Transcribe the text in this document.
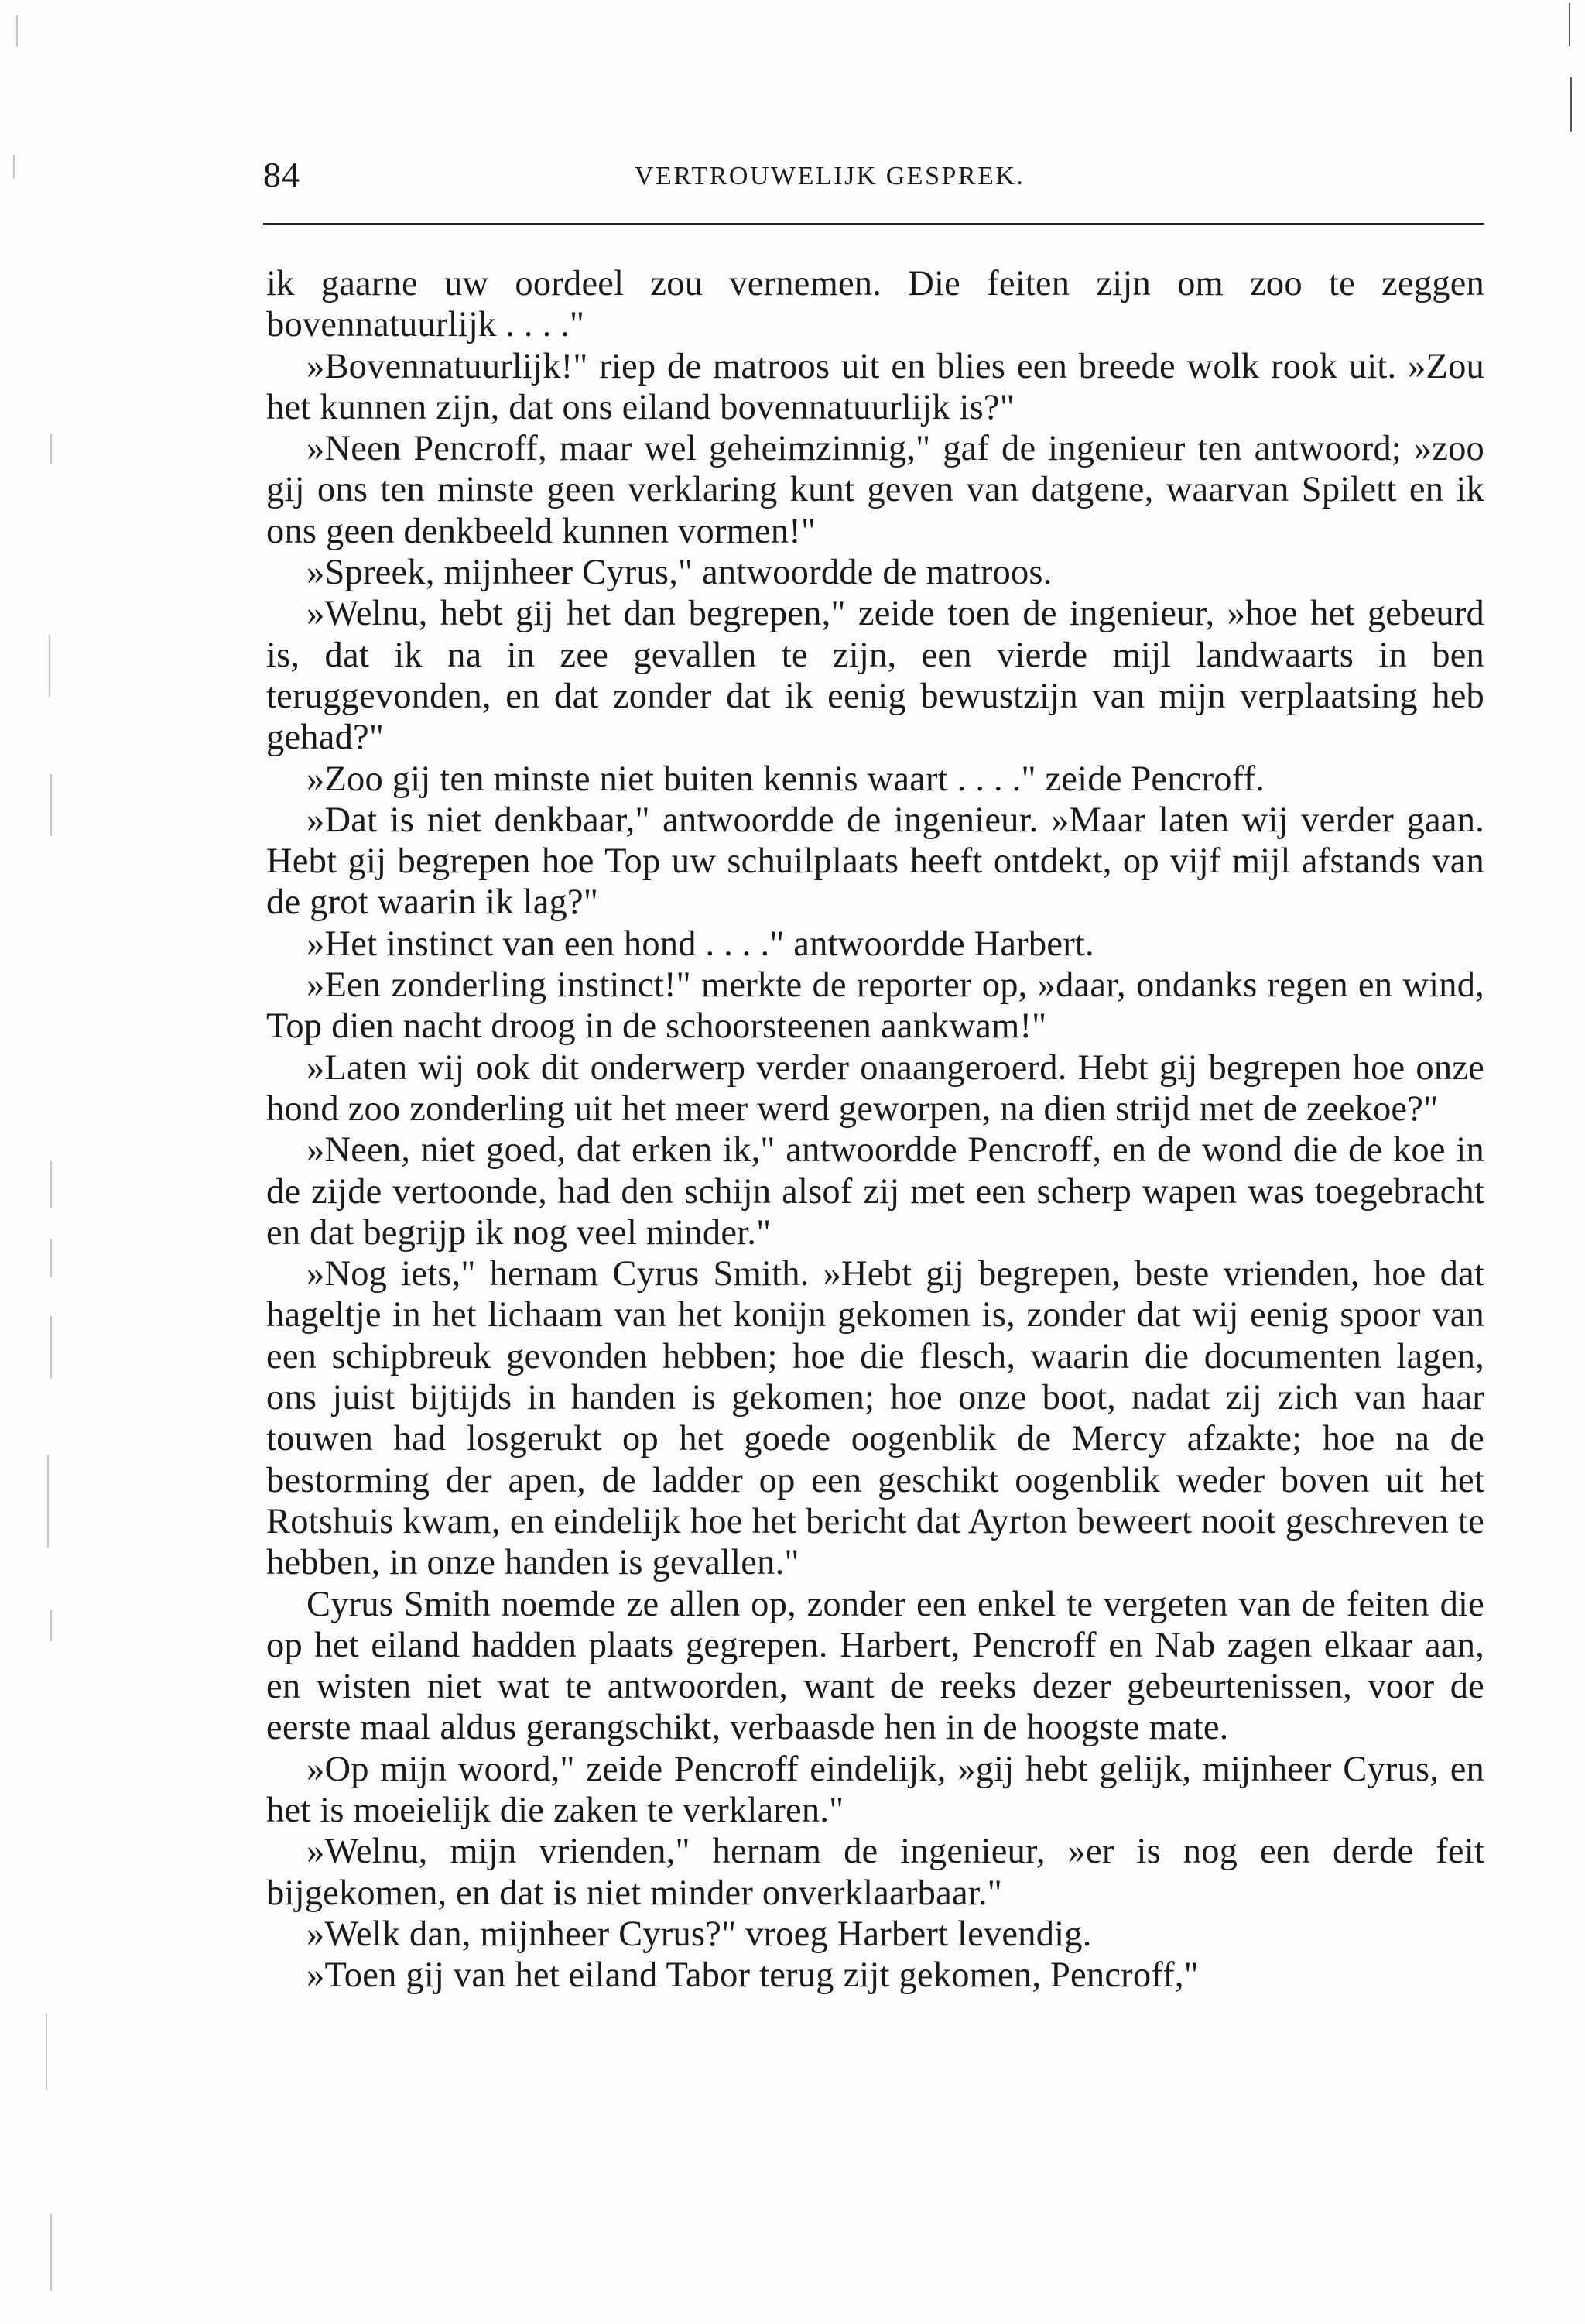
84	VERTROUWELIJK GESPREK.

ik gaarne uw oordeel zou vernemen. Die feiten zijn om zoo te zeggen bovennatuurlijk . . . ."

»Bovennatuurlijk!" riep de matroos uit en blies een breede wolk rook uit. »Zou het kunnen zijn, dat ons eiland bovennatuurlijk is?"

»Neen Pencroff, maar wel geheimzinnig," gaf de ingenieur ten antwoord; »zoo gij ons ten minste geen verklaring kunt geven van datgene, waarvan Spilett en ik ons geen denkbeeld kunnen vormen!"

»Spreek, mijnheer Cyrus," antwoordde de matroos.

»Welnu, hebt gij het dan begrepen," zeide toen de ingenieur, »hoe het gebeurd is, dat ik na in zee gevallen te zijn, een vierde mijl landwaarts in ben teruggevonden, en dat zonder dat ik eenig bewustzijn van mijn verplaatsing heb gehad?"

»Zoo gij ten minste niet buiten kennis waart . . . ." zeide Pencroff.

»Dat is niet denkbaar," antwoordde de ingenieur. »Maar laten wij verder gaan. Hebt gij begrepen hoe Top uw schuilplaats heeft ontdekt, op vijf mijl afstands van de grot waarin ik lag?"

»Het instinct van een hond . . . ." antwoordde Harbert.

»Een zonderling instinct!" merkte de reporter op, »daar, ondanks regen en wind, Top dien nacht droog in de schoorsteenen aankwam!"

»Laten wij ook dit onderwerp verder onaangeroerd. Hebt gij begrepen hoe onze hond zoo zonderling uit het meer werd geworpen, na dien strijd met de zeekoe?"

»Neen, niet goed, dat erken ik," antwoordde Pencroff, en de wond die de koe in de zijde vertoonde, had den schijn alsof zij met een scherp wapen was toegebracht en dat begrijp ik nog veel minder."

»Nog iets," hernam Cyrus Smith. »Hebt gij begrepen, beste vrienden, hoe dat hageltje in het lichaam van het konijn gekomen is, zonder dat wij eenig spoor van een schipbreuk gevonden hebben; hoe die flesch, waarin die documenten lagen, ons juist bijtijds in handen is gekomen; hoe onze boot, nadat zij zich van haar touwen had losgerukt op het goede oogenblik de Mercy afzakte; hoe na de bestorming der apen, de ladder op een geschikt oogenblik weder boven uit het Rotshuis kwam, en eindelijk hoe het bericht dat Ayrton beweert nooit geschreven te hebben, in onze handen is gevallen."

Cyrus Smith noemde ze allen op, zonder een enkel te vergeten van de feiten die op het eiland hadden plaats gegrepen. Harbert, Pencroff en Nab zagen elkaar aan, en wisten niet wat te antwoorden, want de reeks dezer gebeurtenissen, voor de eerste maal aldus gerangschikt, verbaasde hen in de hoogste mate.

»Op mijn woord," zeide Pencroff eindelijk, »gij hebt gelijk, mijnheer Cyrus, en het is moeielijk die zaken te verklaren."

»Welnu, mijn vrienden," hernam de ingenieur, »er is nog een derde feit bijgekomen, en dat is niet minder onverklaarbaar."

»Welk dan, mijnheer Cyrus?" vroeg Harbert levendig.

»Toen gij van het eiland Tabor terug zijt gekomen, Pencroff,"
